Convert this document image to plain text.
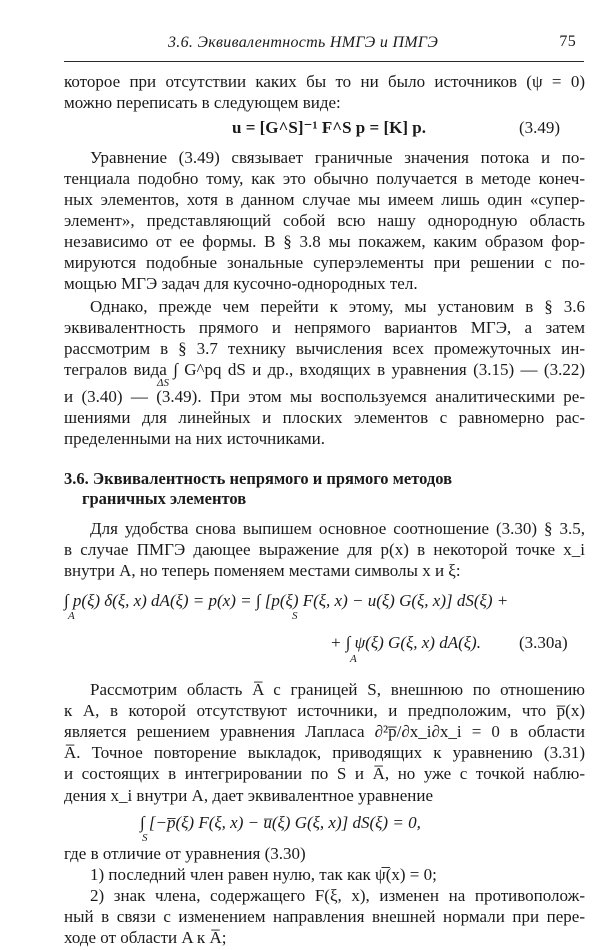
3.6. Эквивалентность НМГЭ и ПМГЭ	75
которое при отсутствии каких бы то ни было источников (ψ = 0)
можно переписать в следующем виде:
u = [G^S]⁻¹ F^S p = [K] p.	(3.49)
Уравнение (3.49) связывает граничные значения потока и по-
тенциала подобно тому, как это обычно получается в методе конеч-
ных элементов, хотя в данном случае мы имеем лишь один «супер-
элемент», представляющий собой всю нашу однородную область
независимо от ее формы. В § 3.8 мы покажем, каким образом фор-
мируются подобные зональные суперэлементы при решении с по-
мощью МГЭ задач для кусочно-однородных тел.
Однако, прежде чем перейти к этому, мы установим в § 3.6
эквивалентность прямого и непрямого вариантов МГЭ, а затем
рассмотрим в § 3.7 технику вычисления всех промежуточных ин-
тегралов вида ∫ G^pq dS и др., входящих в уравнения (3.15) — (3.22)
ΔS
и (3.40) — (3.49). При этом мы воспользуемся аналитическими ре-
шениями для линейных и плоских элементов с равномерно рас-
пределенными на них источниками.
3.6. Эквивалентность непрямого и прямого методов
граничных элементов
Для удобства снова выпишем основное соотношение (3.30) § 3.5,
в случае ПМГЭ дающее выражение для p(x) в некоторой точке x_i
внутри A, но теперь поменяем местами символы x и ξ:
∫ p(ξ) δ(ξ, x) dA(ξ) = p(x) = ∫ [p(ξ) F(ξ, x) − u(ξ) G(ξ, x)] dS(ξ) +
A	S
+ ∫ ψ(ξ) G(ξ, x) dA(ξ).
A
(3.30a)
Рассмотрим область A̅ с границей S, внешнюю по отношению
к A, в которой отсутствуют источники, и предположим, что p̅(x)
является решением уравнения Лапласа ∂²p̅/∂x_i∂x_i = 0 в области
A̅. Точное повторение выкладок, приводящих к уравнению (3.31)
и состоящих в интегрировании по S и A̅, но уже с точкой наблю-
дения x_i внутри A, дает эквивалентное уравнение
∫ [−p̅(ξ) F(ξ, x) − u̅(ξ) G(ξ, x)] dS(ξ) = 0,
S
где в отличие от уравнения (3.30)
1) последний член равен нулю, так как ψ̅(x) = 0;
2) знак члена, содержащего F(ξ, x), изменен на противополож-
ный в связи с изменением направления внешней нормали при пере-
ходе от области A к A̅;
